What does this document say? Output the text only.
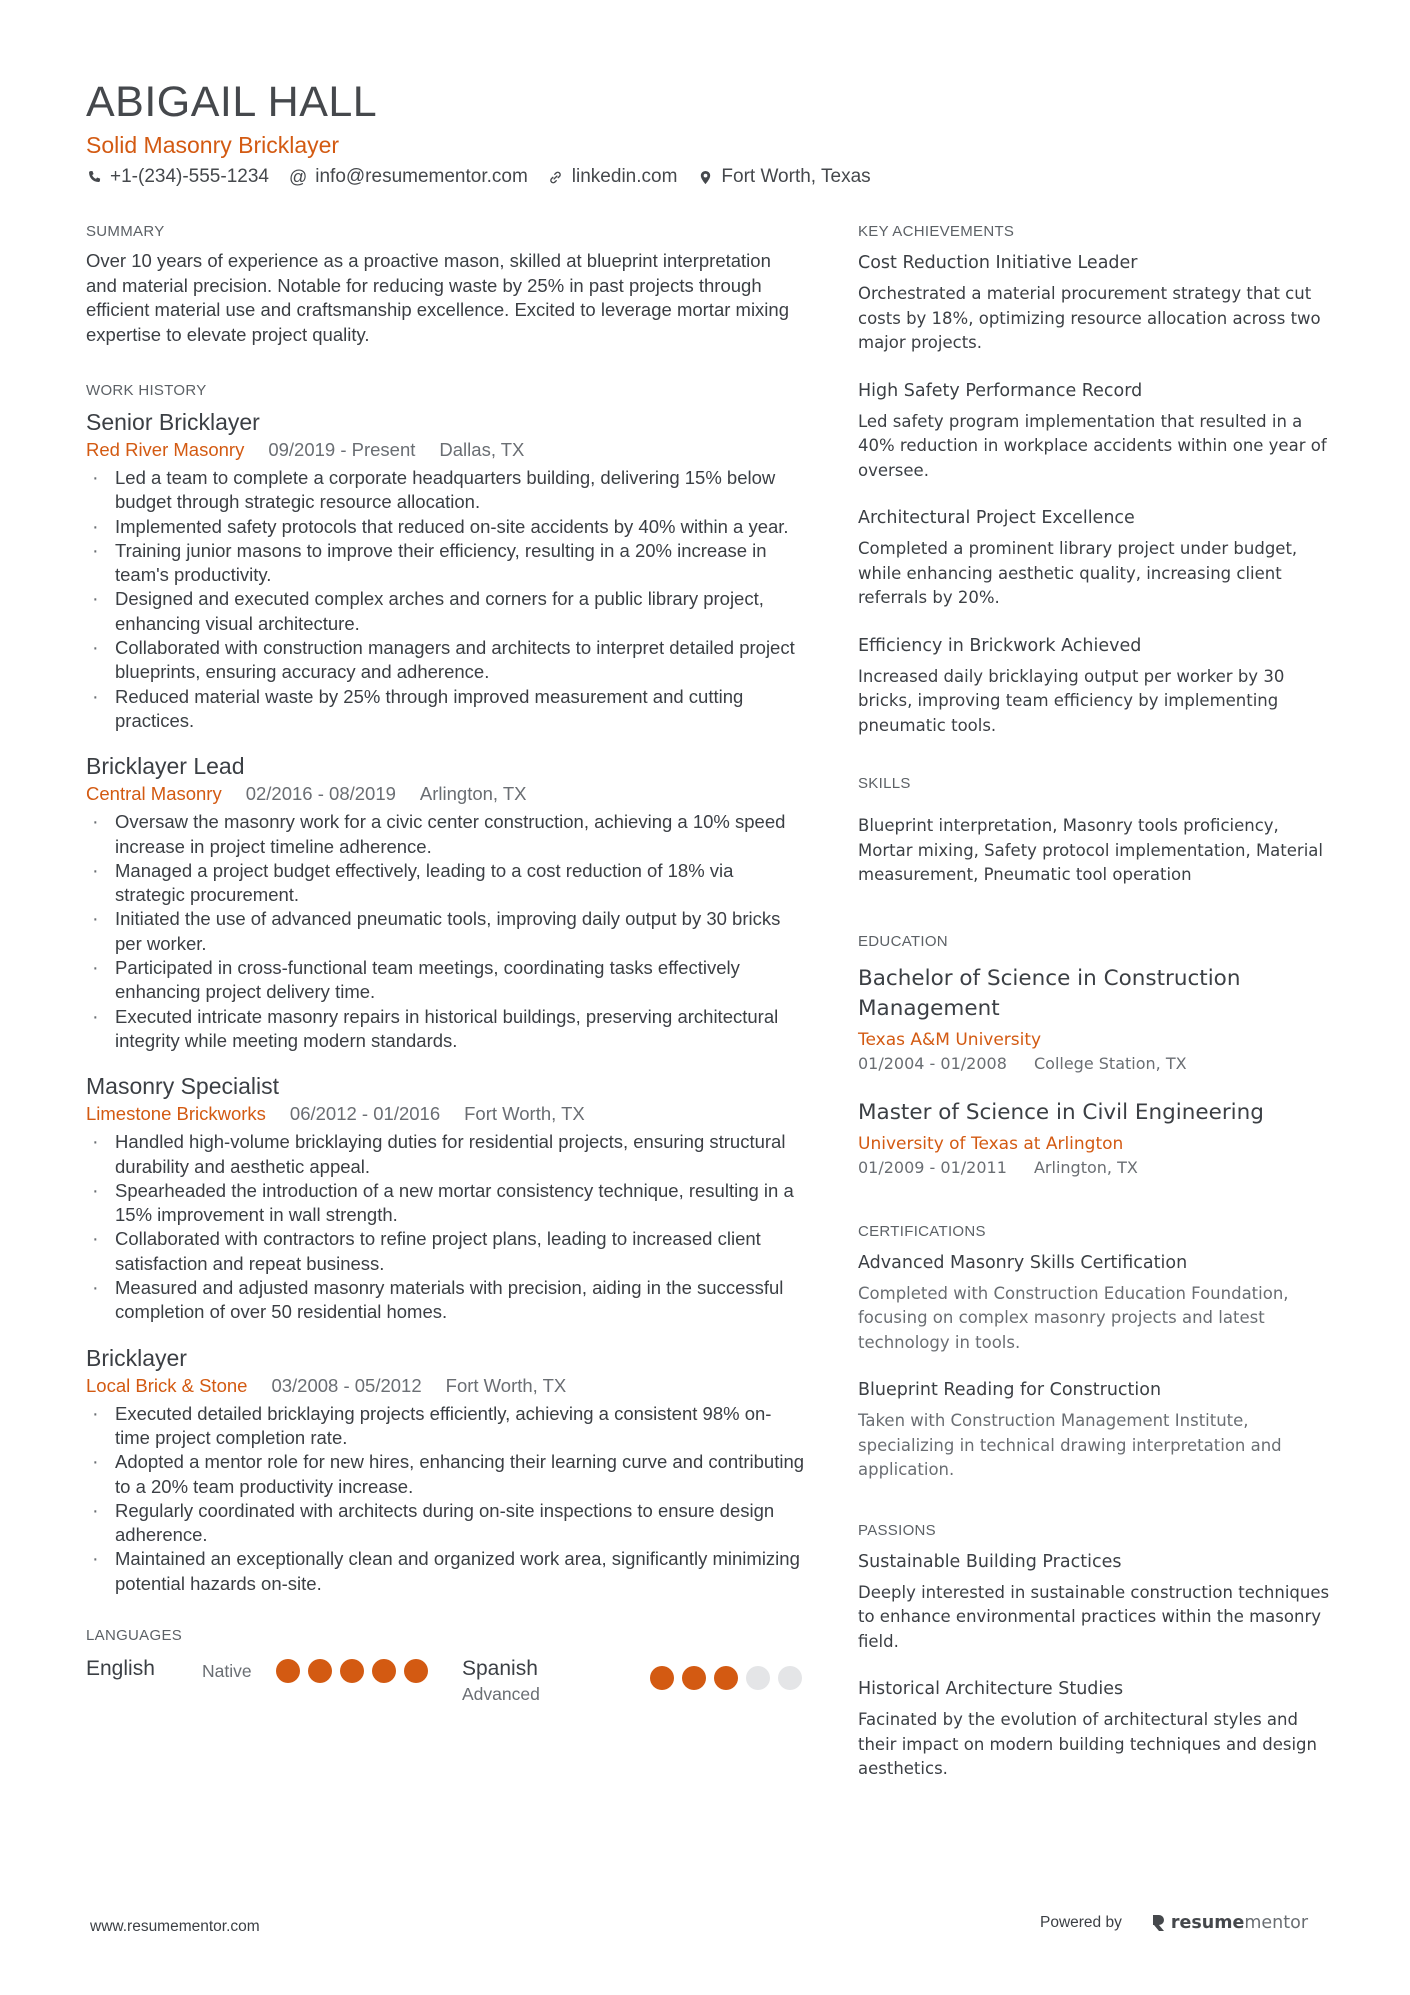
ABIGAIL HALL
Solid Masonry Bricklayer
+1-(234)-555-1234 @ info@resumementor.com linkedin.com Fort Worth, Texas
SUMMARY

Over 10 years of experience as a proactive mason, skilled at blueprint interpretation and material precision. Notable for reducing waste by 25% in past projects through efficient material use and craftsmanship excellence. Excited to leverage mortar mixing expertise to elevate project quality.

WORK HISTORY
Senior Bricklayer
Red River Masonry 09/2019 - Present Dallas, TX
· Led a team to complete a corporate headquarters building, delivering 15% below budget through strategic resource allocation.
· Implemented safety protocols that reduced on-site accidents by 40% within a year.
· Training junior masons to improve their efficiency, resulting in a 20% increase in team's productivity.
· Designed and executed complex arches and corners for a public library project, enhancing visual architecture.
· Collaborated with construction managers and architects to interpret detailed project blueprints, ensuring accuracy and adherence.
· Reduced material waste by 25% through improved measurement and cutting practices.
Bricklayer Lead
Central Masonry 02/2016 - 08/2019 Arlington, TX
· Oversaw the masonry work for a civic center construction, achieving a 10% speed increase in project timeline adherence.
· Managed a project budget effectively, leading to a cost reduction of 18% via strategic procurement.
· Initiated the use of advanced pneumatic tools, improving daily output by 30 bricks per worker.
· Participated in cross-functional team meetings, coordinating tasks effectively enhancing project delivery time.
· Executed intricate masonry repairs in historical buildings, preserving architectural integrity while meeting modern standards.
Masonry Specialist
Limestone Brickworks 06/2012 - 01/2016 Fort Worth, TX
· Handled high-volume bricklaying duties for residential projects, ensuring structural durability and aesthetic appeal.
· Spearheaded the introduction of a new mortar consistency technique, resulting in a 15% improvement in wall strength.
· Collaborated with contractors to refine project plans, leading to increased client satisfaction and repeat business.
· Measured and adjusted masonry materials with precision, aiding in the successful completion of over 50 residential homes.
Bricklayer
Local Brick & Stone 03/2008 - 05/2012 Fort Worth, TX
· Executed detailed bricklaying projects efficiently, achieving a consistent 98% on-time project completion rate.
· Adopted a mentor role for new hires, enhancing their learning curve and contributing to a 20% team productivity increase.
· Regularly coordinated with architects during on-site inspections to ensure design adherence.
· Maintained an exceptionally clean and organized work area, significantly minimizing potential hazards on-site.
LANGUAGES
English	Native	Spanish
Advanced
KEY ACHIEVEMENTS
Cost Reduction Initiative Leader
Orchestrated a material procurement strategy that cut costs by 18%, optimizing resource allocation across two major projects.
High Safety Performance Record
Led safety program implementation that resulted in a 40% reduction in workplace accidents within one year of oversee.
Architectural Project Excellence
Completed a prominent library project under budget, while enhancing aesthetic quality, increasing client referrals by 20%.
Efficiency in Brickwork Achieved
Increased daily bricklaying output per worker by 30 bricks, improving team efficiency by implementing pneumatic tools.
SKILLS

Blueprint interpretation, Masonry tools proficiency, Mortar mixing, Safety protocol implementation, Material measurement, Pneumatic tool operation

EDUCATION
Bachelor of Science in Construction Management
Texas A&M University
01/2004 - 01/2008 College Station, TX
Master of Science in Civil Engineering
University of Texas at Arlington
01/2009 - 01/2011 Arlington, TX
CERTIFICATIONS
Advanced Masonry Skills Certification
Completed with Construction Education Foundation, focusing on complex masonry projects and latest technology in tools.
Blueprint Reading for Construction
Taken with Construction Management Institute, specializing in technical drawing interpretation and application.
PASSIONS
Sustainable Building Practices
Deeply interested in sustainable construction techniques to enhance environmental practices within the masonry field.
Historical Architecture Studies
Facinated by the evolution of architectural styles and their impact on modern building techniques and design aesthetics.
www.resumementor.com	Powered by	resume mentor
